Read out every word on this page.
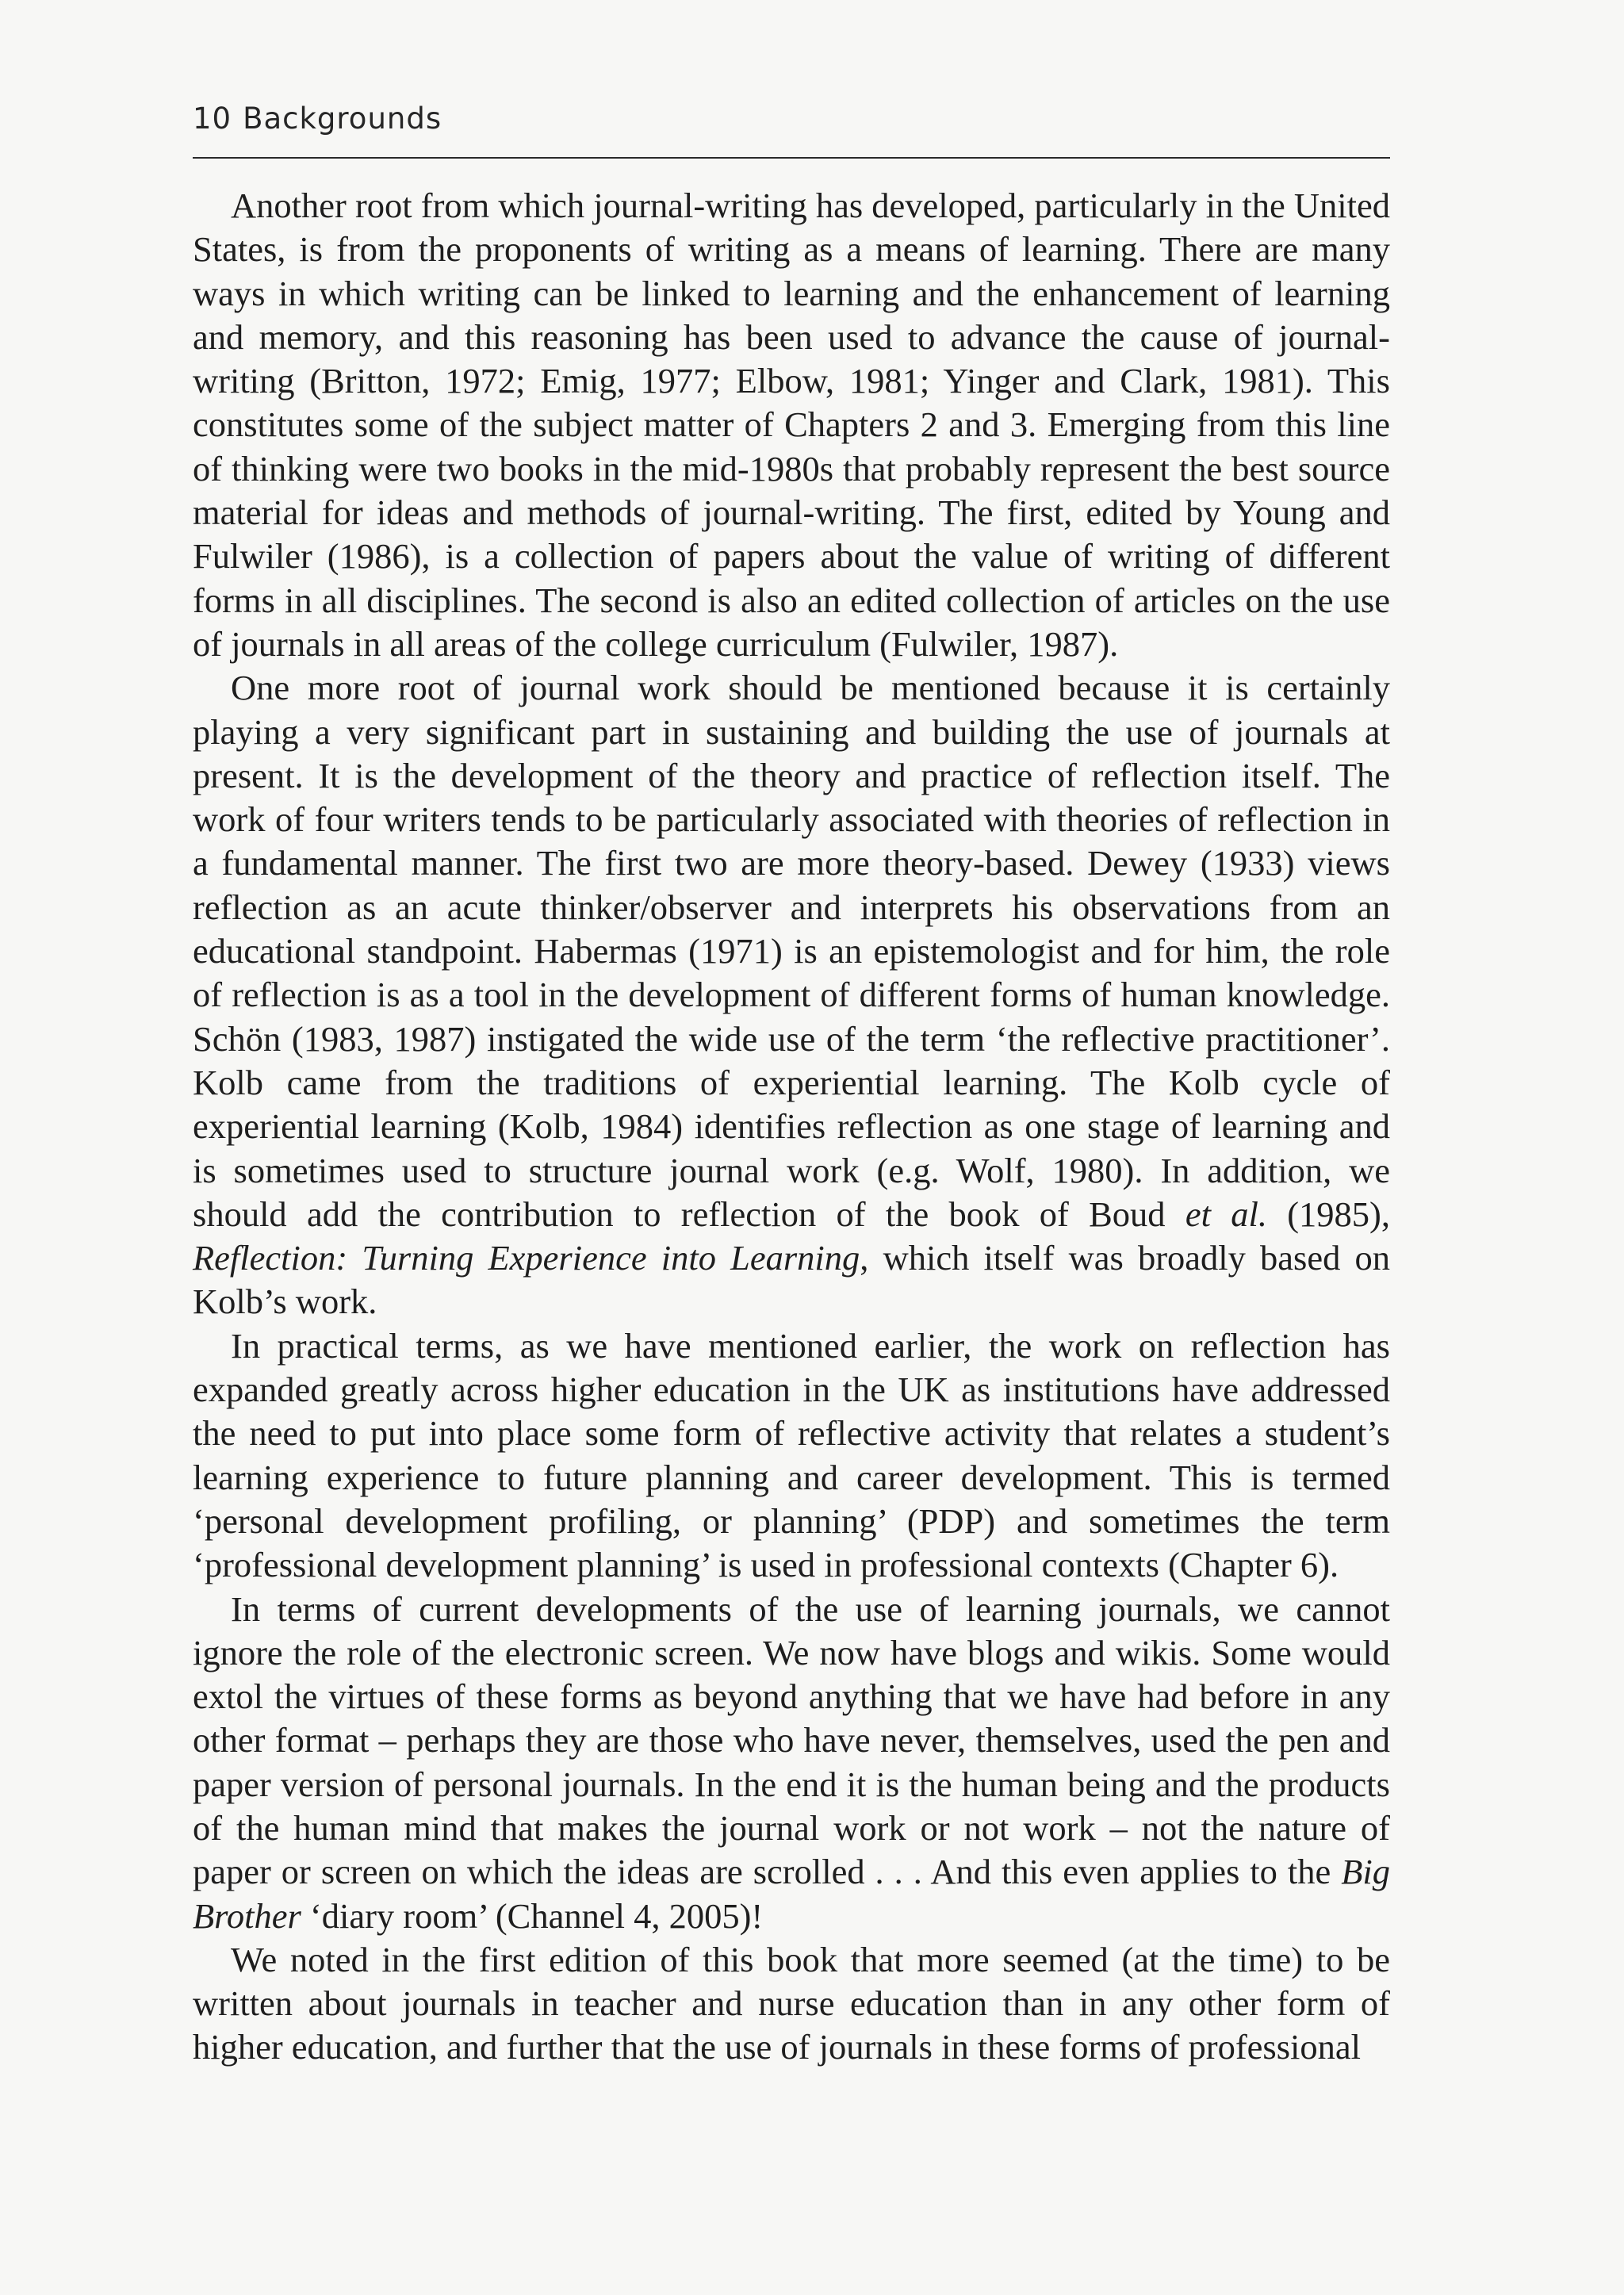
10 Backgrounds

Another root from which journal-writing has developed, particularly in the United States, is from the proponents of writing as a means of learning. There are many ways in which writing can be linked to learning and the enhancement of learning and memory, and this reasoning has been used to advance the cause of journal-writing (Britton, 1972; Emig, 1977; Elbow, 1981; Yinger and Clark, 1981). This constitutes some of the subject matter of Chapters 2 and 3. Emerging from this line of thinking were two books in the mid-1980s that probably represent the best source material for ideas and methods of journal-writing. The first, edited by Young and Fulwiler (1986), is a collection of papers about the value of writing of different forms in all disciplines. The second is also an edited collection of articles on the use of journals in all areas of the college curriculum (Fulwiler, 1987).

One more root of journal work should be mentioned because it is certainly playing a very significant part in sustaining and building the use of journals at present. It is the development of the theory and practice of reflection itself. The work of four writers tends to be particularly associated with theories of reflection in a fundamental manner. The first two are more theory-based. Dewey (1933) views reflection as an acute thinker/observer and interprets his observations from an educational standpoint. Habermas (1971) is an epistemologist and for him, the role of reflection is as a tool in the development of different forms of human knowledge. Schön (1983, 1987) instigated the wide use of the term ‘the reflective practitioner’. Kolb came from the traditions of experiential learning. The Kolb cycle of experiential learning (Kolb, 1984) identifies reflection as one stage of learning and is sometimes used to structure journal work (e.g. Wolf, 1980). In addition, we should add the contribution to reflection of the book of Boud et al. (1985), Reflection: Turning Experience into Learning, which itself was broadly based on Kolb’s work.

In practical terms, as we have mentioned earlier, the work on reflection has expanded greatly across higher education in the UK as institutions have addressed the need to put into place some form of reflective activity that relates a student’s learning experience to future planning and career development. This is termed ‘personal development profiling, or planning’ (PDP) and sometimes the term ‘professional development planning’ is used in professional contexts (Chapter 6).

In terms of current developments of the use of learning journals, we cannot ignore the role of the electronic screen. We now have blogs and wikis. Some would extol the virtues of these forms as beyond anything that we have had before in any other format – perhaps they are those who have never, themselves, used the pen and paper version of personal journals. In the end it is the human being and the products of the human mind that makes the journal work or not work – not the nature of paper or screen on which the ideas are scrolled . . . And this even applies to the Big Brother ‘diary room’ (Channel 4, 2005)!

We noted in the first edition of this book that more seemed (at the time) to be written about journals in teacher and nurse education than in any other form of higher education, and further that the use of journals in these forms of professional
